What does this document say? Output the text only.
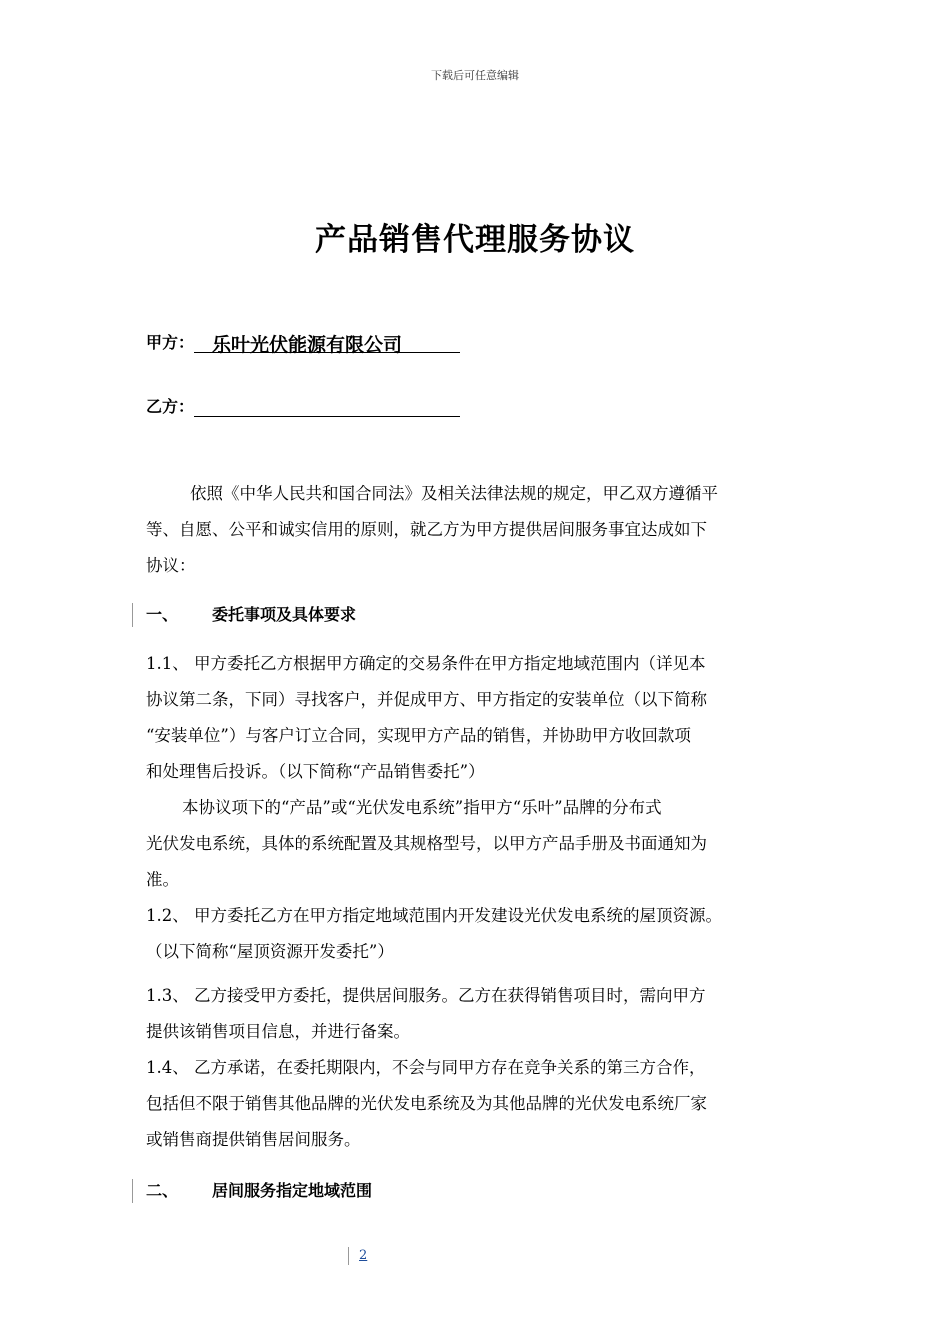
下载后可任意编辑
产品销售代理服务协议
甲方： 乐叶光伏能源有限公司
乙方：
依照《中华人民共和国合同法》及相关法律法规的规定，甲乙双方遵循平
等、自愿、公平和诚实信用的原则，就乙方为甲方提供居间服务事宜达成如下
协议：
一、 委托事项及具体要求
1.1、 甲方委托乙方根据甲方确定的交易条件在甲方指定地域范围内（详见本
协议第二条，下同）寻找客户，并促成甲方、甲方指定的安装单位（以下简称
“安装单位”）与客户订立合同，实现甲方产品的销售，并协助甲方收回款项
和处理售后投诉。（以下简称“产品销售委托”）
本协议项下的“产品”或“光伏发电系统”指甲方“乐叶”品牌的分布式
光伏发电系统，具体的系统配置及其规格型号，以甲方产品手册及书面通知为
准。
1.2、 甲方委托乙方在甲方指定地域范围内开发建设光伏发电系统的屋顶资源。
（以下简称“屋顶资源开发委托”）
1.3、 乙方接受甲方委托，提供居间服务。乙方在获得销售项目时，需向甲方
提供该销售项目信息，并进行备案。
1.4、 乙方承诺，在委托期限内，不会与同甲方存在竞争关系的第三方合作，
包括但不限于销售其他品牌的光伏发电系统及为其他品牌的光伏发电系统厂家
或销售商提供销售居间服务。
二、 居间服务指定地域范围
2
